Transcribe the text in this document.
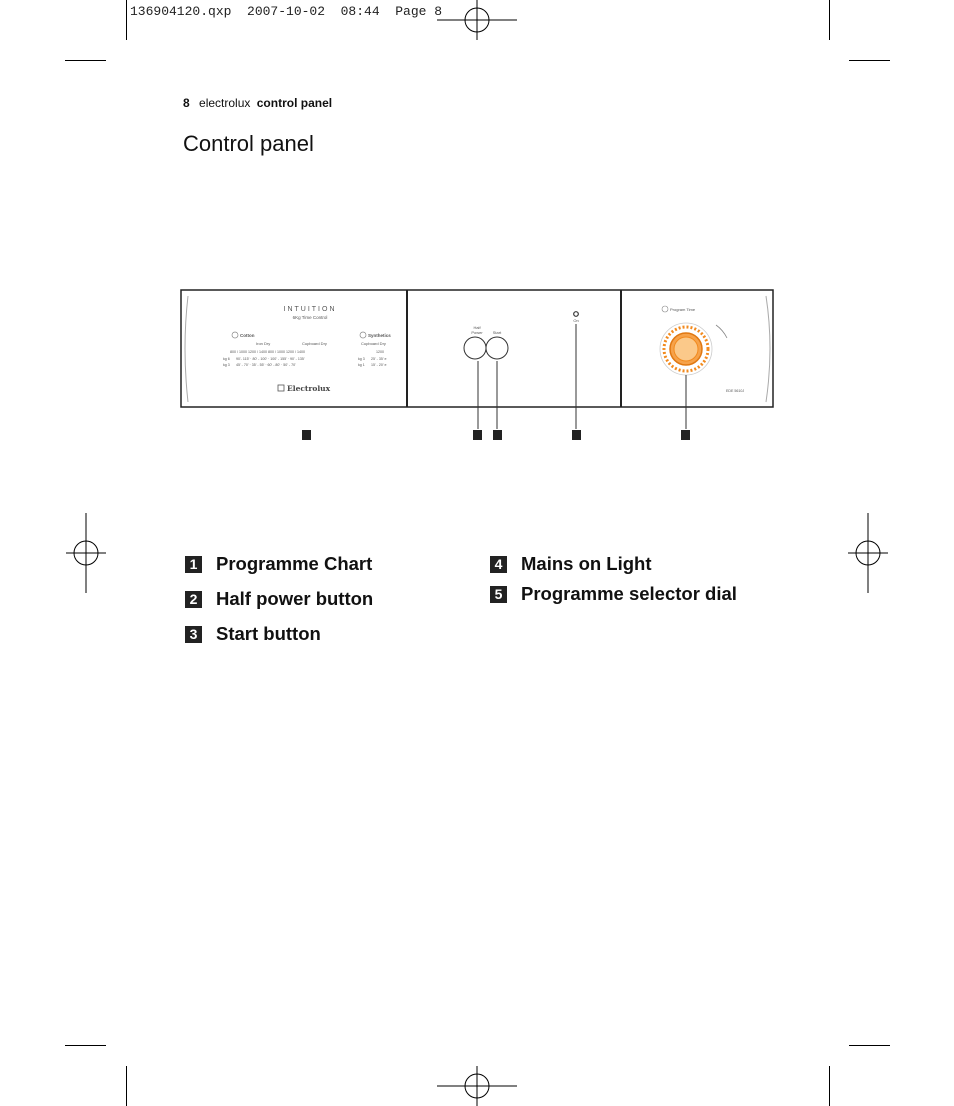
136904120.qxp  2007-10-02  08:44  Page 8
8 electrolux control panel
Control panel
INTUITION
6Kg Time Control
Cotton
Iron Dry	Cupboard Dry
800 / 1000 1200 / 1400 800 / 1000 1200 / 1400
kg 6 90'- 115' · 80' - 100' · 100' - 155' · 90' - 135'
kg 3 45' - 70' · 35' - 55' · 60' - 80' · 50' - 70'
Synthetics
Cupboard Dry
1200
kg 3 25' - 35' e
kg 1 15' - 20' e
Electrolux
Half
Power	Start
On
Program Time
EDE 5610J
1 Programme Chart
2 Half power button
3 Start button
4 Mains on Light
5 Programme selector dial
